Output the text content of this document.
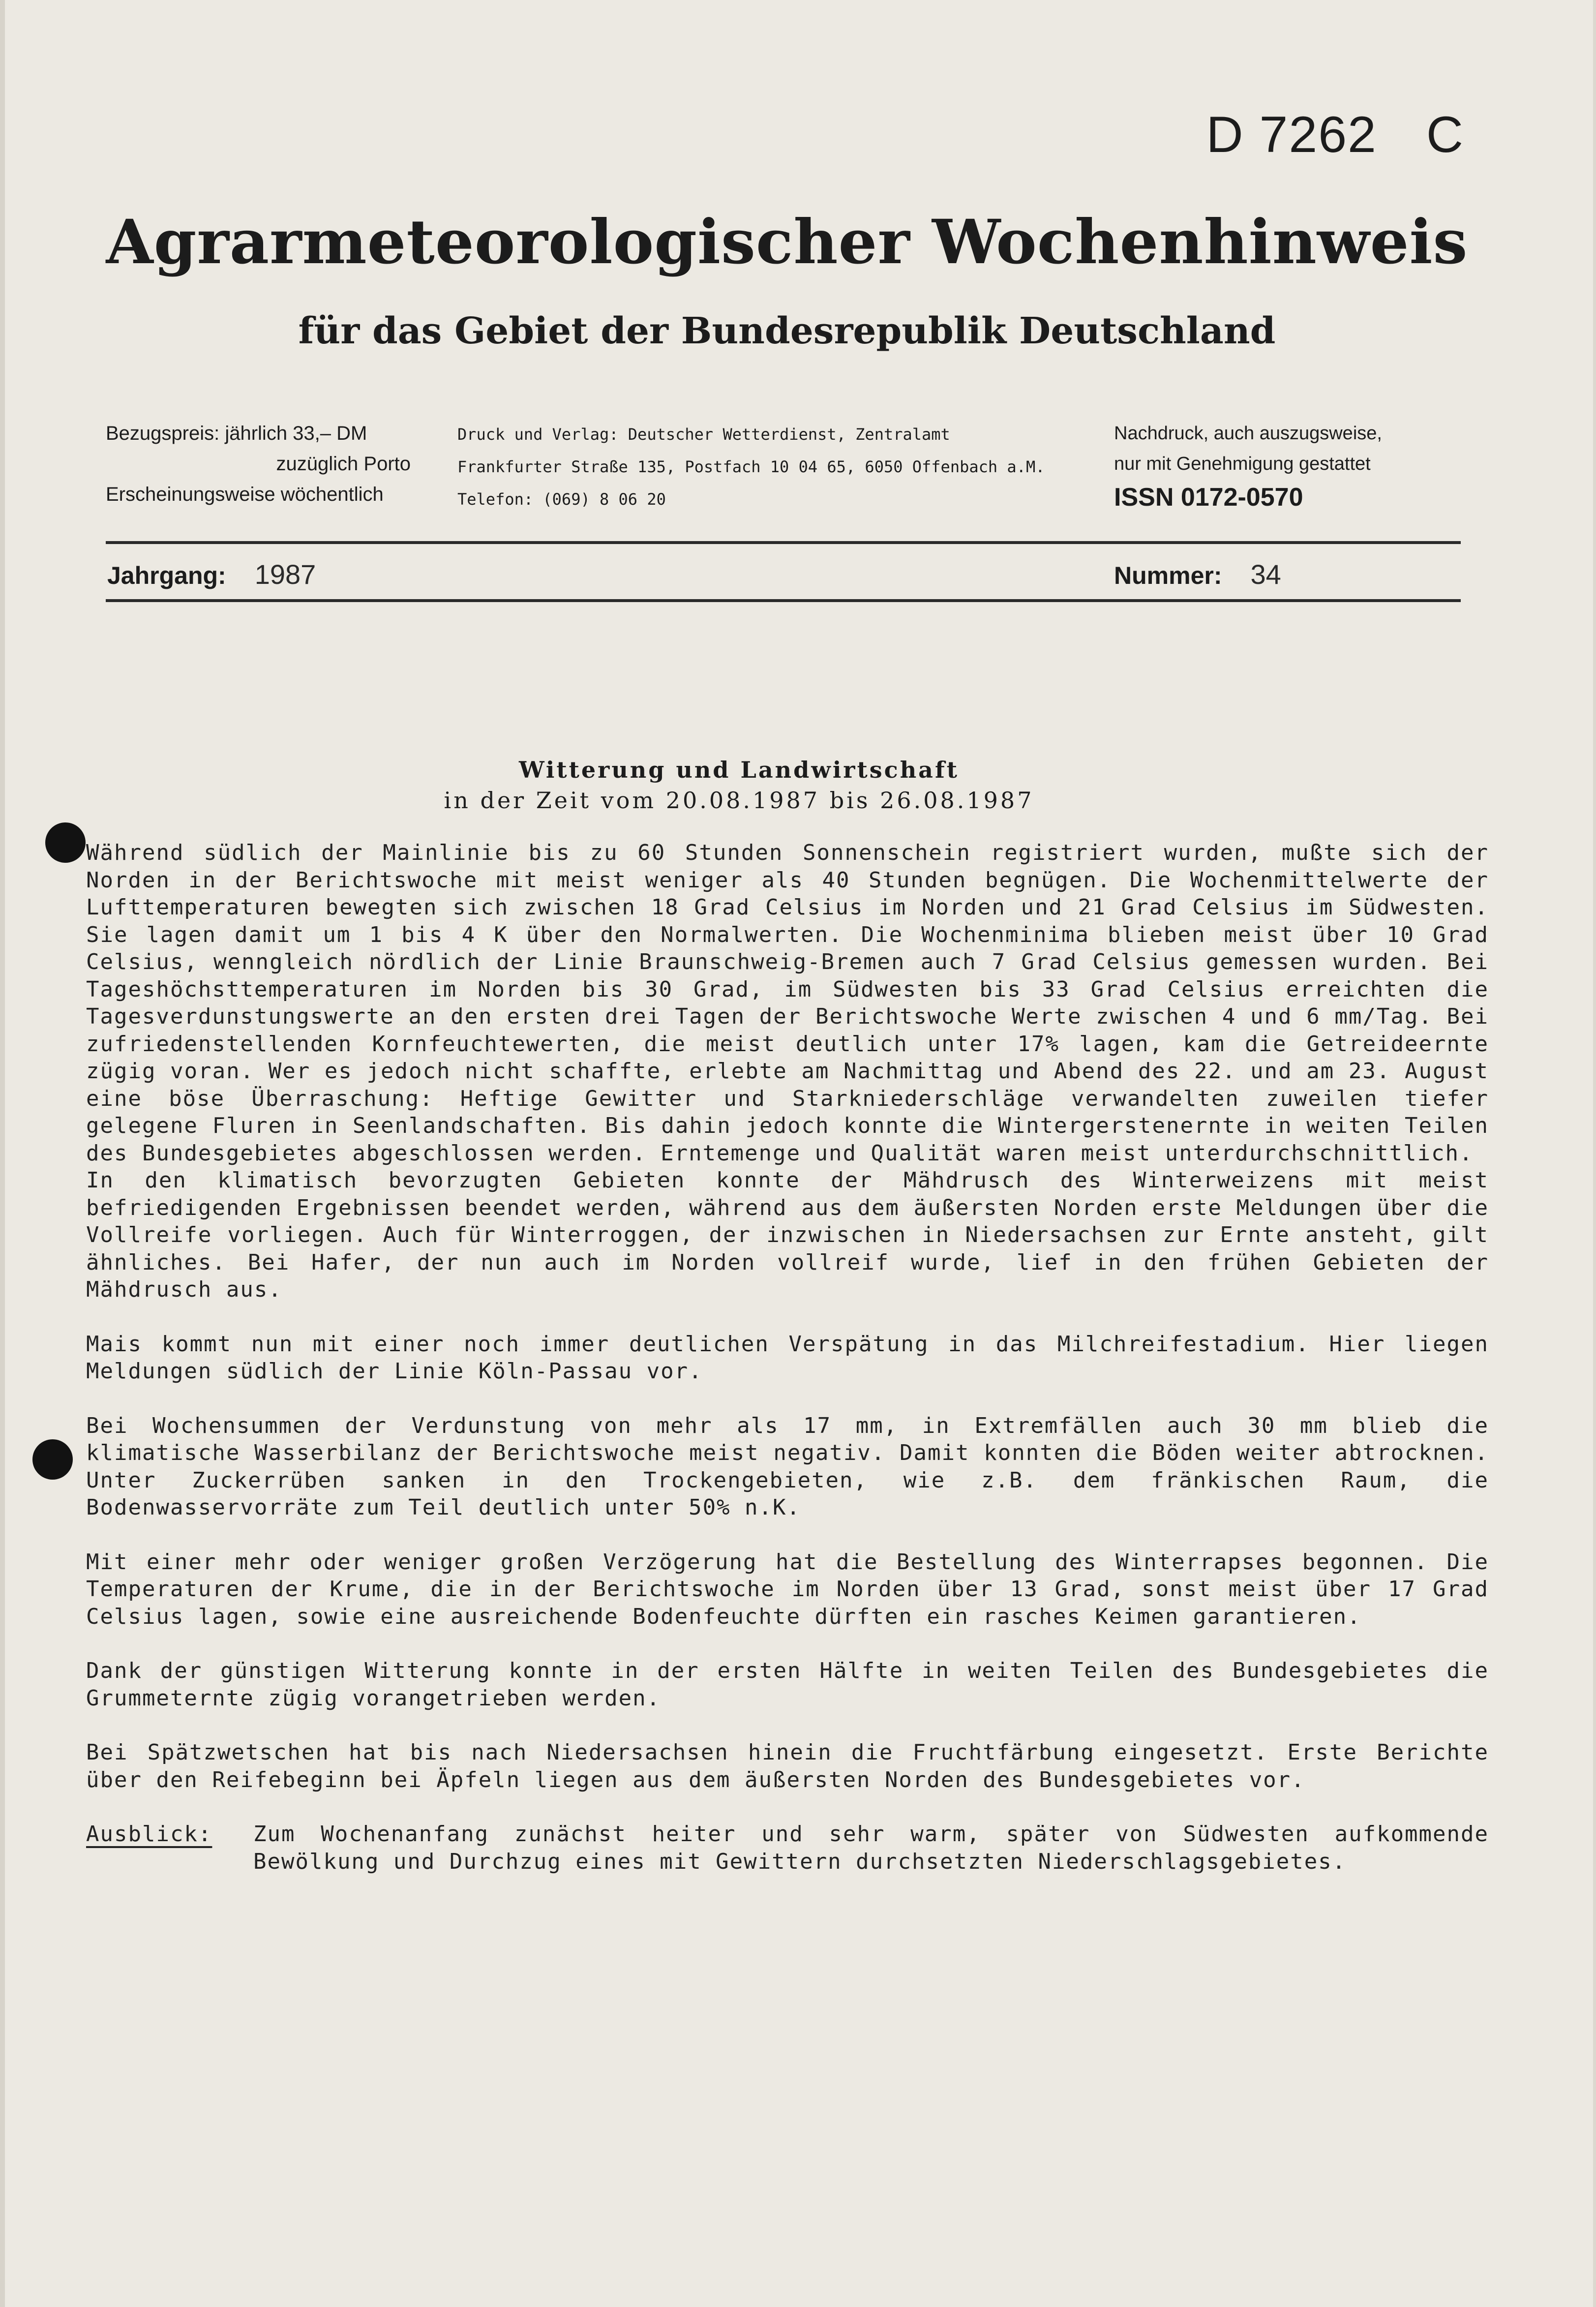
D 7262 C
Agrarmeteorologischer Wochenhinweis
für das Gebiet der Bundesrepublik Deutschland
Bezugspreis: jährlich 33,– DM
zuzüglich Porto
Erscheinungsweise wöchentlich
Druck und Verlag: Deutscher Wetterdienst, Zentralamt
Frankfurter Straße 135, Postfach 10 04 65, 6050 Offenbach a.M.
Telefon: (069) 8 06 20
Nachdruck, auch auszugsweise,
nur mit Genehmigung gestattet
ISSN 0172-0570
Jahrgang: 1987	Nummer: 34
Witterung und Landwirtschaft
in der Zeit vom 20.08.1987 bis 26.08.1987

Während südlich der Mainlinie bis zu 60 Stunden Sonnenschein registriert wurden, mußte sich der Norden in der Berichtswoche mit meist weniger als 40 Stunden begnügen. Die Wochenmittelwerte der Lufttemperaturen bewegten sich zwischen 18 Grad Celsius im Norden und 21 Grad Celsius im Südwesten. Sie lagen damit um 1 bis 4 K über den Normalwerten. Die Wochenminima blieben meist über 10 Grad Celsius, wenngleich nördlich der Linie Braunschweig-Bremen auch 7 Grad Celsius gemessen wurden. Bei Tageshöchsttemperaturen im Norden bis 30 Grad, im Südwesten bis 33 Grad Celsius erreichten die Tagesverdunstungswerte an den ersten drei Tagen der Berichtswoche Werte zwischen 4 und 6 mm/Tag. Bei zufriedenstellenden Kornfeuchtewerten, die meist deutlich unter 17% lagen, kam die Getreideernte zügig voran. Wer es jedoch nicht schaffte, erlebte am Nachmittag und Abend des 22. und am 23. August eine böse Überraschung: Heftige Gewitter und Starkniederschläge verwandelten zuweilen tiefer gelegene Fluren in Seenlandschaften. Bis dahin jedoch konnte die Wintergerstenernte in weiten Teilen des Bundesgebietes abgeschlossen werden. Erntemenge und Qualität waren meist unterdurchschnittlich.

In den klimatisch bevorzugten Gebieten konnte der Mähdrusch des Winterweizens mit meist befriedigenden Ergebnissen beendet werden, während aus dem äußersten Norden erste Meldungen über die Vollreife vorliegen. Auch für Winterroggen, der inzwischen in Niedersachsen zur Ernte ansteht, gilt ähnliches. Bei Hafer, der nun auch im Norden vollreif wurde, lief in den frühen Gebieten der Mähdrusch aus.

Mais kommt nun mit einer noch immer deutlichen Verspätung in das Milchreifestadium. Hier liegen Meldungen südlich der Linie Köln-Passau vor.

Bei Wochensummen der Verdunstung von mehr als 17 mm, in Extremfällen auch 30 mm blieb die klimatische Wasserbilanz der Berichtswoche meist negativ. Damit konnten die Böden weiter abtrocknen. Unter Zuckerrüben sanken in den Trockengebieten, wie z.B. dem fränkischen Raum, die Bodenwasservorräte zum Teil deutlich unter 50% n.K.

Mit einer mehr oder weniger großen Verzögerung hat die Bestellung des Winterrapses begonnen. Die Temperaturen der Krume, die in der Berichtswoche im Norden über 13 Grad, sonst meist über 17 Grad Celsius lagen, sowie eine ausreichende Bodenfeuchte dürften ein rasches Keimen garantieren.

Dank der günstigen Witterung konnte in der ersten Hälfte in weiten Teilen des Bundesgebietes die Grummeternte zügig vorangetrieben werden.

Bei Spätzwetschen hat bis nach Niedersachsen hinein die Fruchtfärbung eingesetzt. Erste Berichte über den Reifebeginn bei Äpfeln liegen aus dem äußersten Norden des Bundesgebietes vor.

Ausblick:	Zum Wochenanfang zunächst heiter und sehr warm, später von Südwesten aufkommende Bewölkung und Durchzug eines mit Gewittern durchsetzten Niederschlagsgebietes.
